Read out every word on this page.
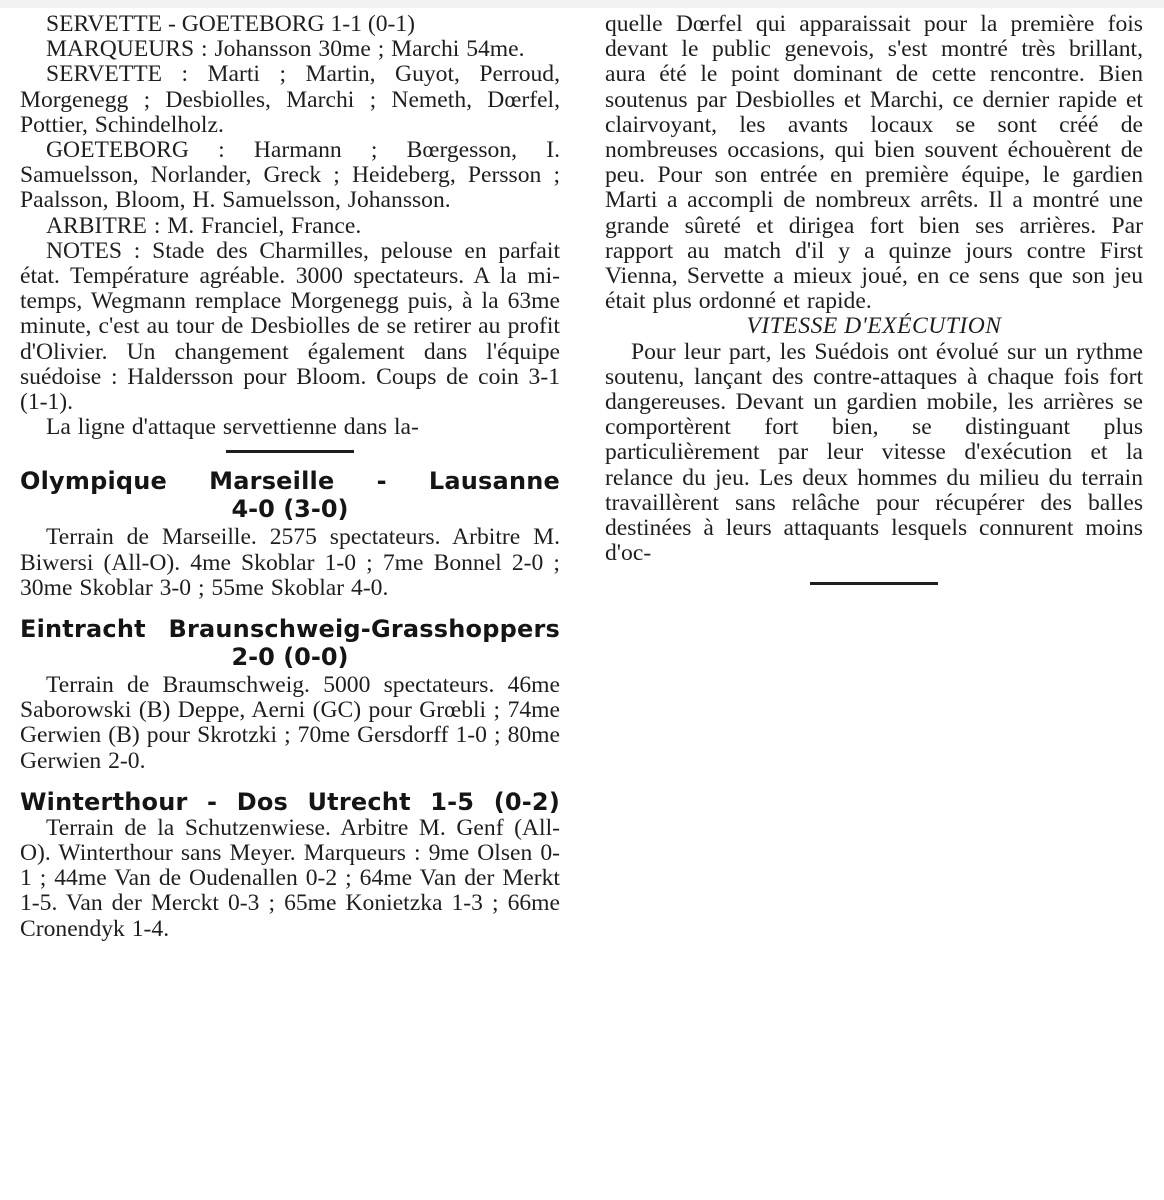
SERVETTE - GOETEBORG 1-1 (0-1)

MARQUEURS : Johansson 30me ; Marchi 54me.

SERVETTE : Marti ; Martin, Guyot, Perroud, Morgenegg ; Desbiolles, Marchi ; Nemeth, Dœrfel, Pottier, Schindelholz.

GOETEBORG : Harmann ; Bœrgesson, I. Samuelsson, Norlander, Greck ; Heideberg, Persson ; Paalsson, Bloom, H. Samuelsson, Johansson.

ARBITRE : M. Franciel, France.

NOTES : Stade des Charmilles, pelouse en parfait état. Température agréable. 3000 spectateurs. A la mi-temps, Wegmann remplace Morgenegg puis, à la 63me minute, c'est au tour de Desbiolles de se retirer au profit d'Olivier. Un changement également dans l'équipe suédoise : Haldersson pour Bloom. Coups de coin 3-1 (1-1).

La ligne d'attaque servettienne dans la-

Olympique Marseille - Lausanne

4-0 (3-0)

Terrain de Marseille. 2575 spectateurs. Arbitre M. Biwersi (All-O). 4me Skoblar 1-0 ; 7me Bonnel 2-0 ; 30me Skoblar 3-0 ; 55me Skoblar 4-0.

Eintracht Braunschweig-Grasshoppers

2-0 (0-0)

Terrain de Braumschweig. 5000 spectateurs. 46me Saborowski (B) Deppe, Aerni (GC) pour Grœbli ; 74me Gerwien (B) pour Skrotzki ; 70me Gersdorff 1-0 ; 80me Gerwien 2-0.

Winterthour - Dos Utrecht 1-5 (0-2)

Terrain de la Schutzenwiese. Arbitre M. Genf (All-O). Winterthour sans Meyer. Marqueurs : 9me Olsen 0-1 ; 44me Van de Oudenallen 0-2 ; 64me Van der Merkt 1-5. Van der Merckt 0-3 ; 65me Konietzka 1-3 ; 66me Cronendyk 1-4.

quelle Dœrfel qui apparaissait pour la première fois devant le public genevois, s'est montré très brillant, aura été le point dominant de cette rencontre. Bien soutenus par Desbiolles et Marchi, ce dernier rapide et clairvoyant, les avants locaux se sont créé de nombreuses occasions, qui bien souvent échouèrent de peu. Pour son entrée en première équipe, le gardien Marti a accompli de nombreux arrêts. Il a montré une grande sûreté et dirigea fort bien ses arrières. Par rapport au match d'il y a quinze jours contre First Vienna, Servette a mieux joué, en ce sens que son jeu était plus ordonné et rapide.

VITESSE D'EXÉCUTION

Pour leur part, les Suédois ont évolué sur un rythme soutenu, lançant des contre-attaques à chaque fois fort dangereuses. Devant un gardien mobile, les arrières se comportèrent fort bien, se distinguant plus particulièrement par leur vitesse d'exécution et la relance du jeu. Les deux hommes du milieu du terrain travaillèrent sans relâche pour récupérer des balles destinées à leurs attaquants lesquels connurent moins d'oc-
